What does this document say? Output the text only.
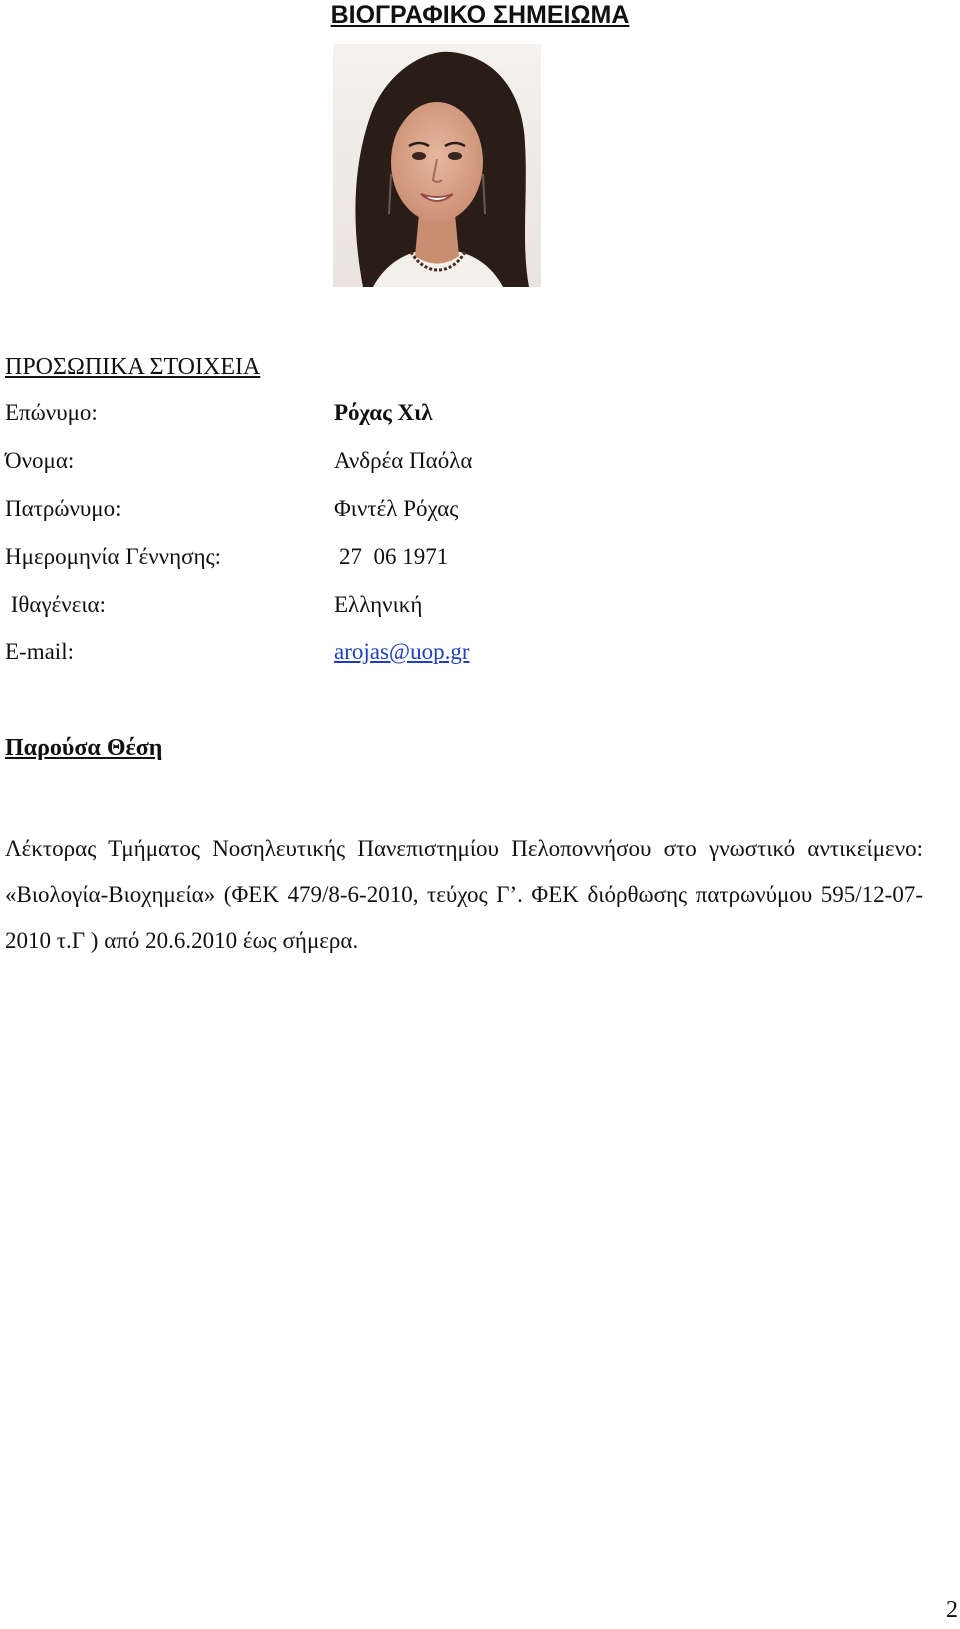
ΒΙΟΓΡΑΦΙΚΟ ΣΗΜΕΙΩΜΑ
ΠΡΟΣΩΠΙΚΑ ΣΤΟΙΧΕΙΑ
Επώνυμο:	Ρόχας Χιλ
Όνομα:	Ανδρέα Παόλα
Πατρώνυμο:	Φιντέλ Ρόχας
Ημερομηνία Γέννησης:	27  06 1971
Ιθαγένεια:	Ελληνική
E-mail:	arojas@uop.gr
Παρούσα Θέση
Λέκτορας Τμήματος Νοσηλευτικής Πανεπιστημίου Πελοποννήσου στο γνωστικό αντικείμενο: «Βιολογία-Βιοχημεία» (ΦΕΚ 479/8-6-2010, τεύχος Γ’. ΦΕΚ διόρθωσης πατρωνύμου 595/12-07-2010 τ.Γ ) από 20.6.2010 έως σήμερα.
2
